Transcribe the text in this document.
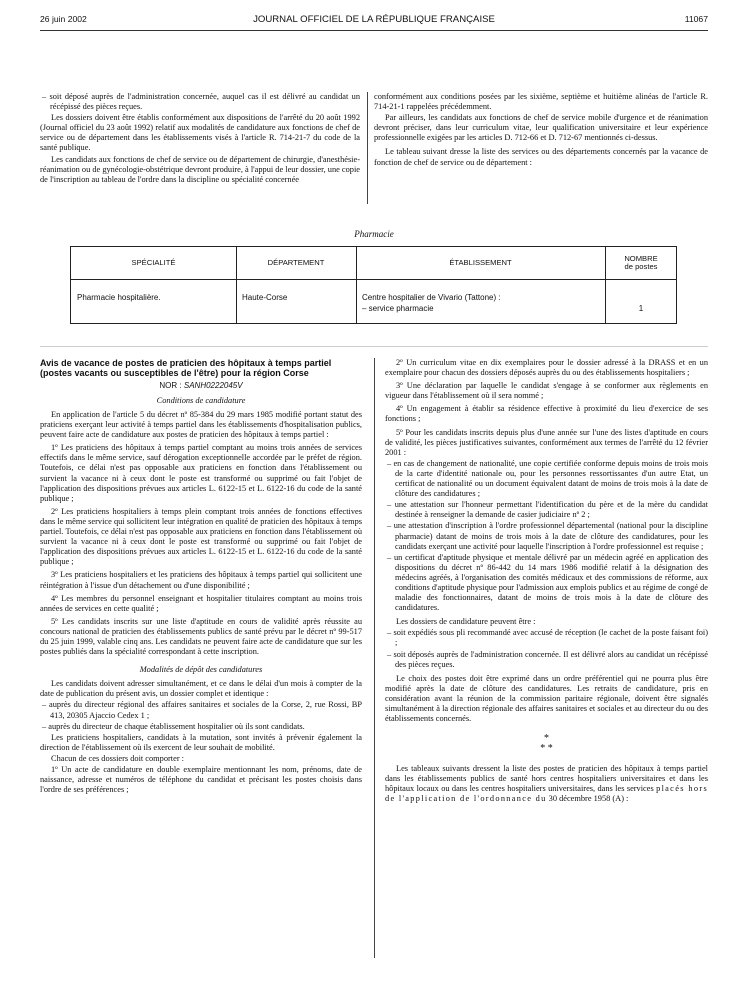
26 juin 2002	JOURNAL OFFICIEL DE LA RÉPUBLIQUE FRANÇAISE	11067

– soit déposé auprès de l'administration concernée, auquel cas il est délivré au candidat un récépissé des pièces reçues.

Les dossiers doivent être établis conformément aux dispositions de l'arrêté du 20 août 1992 (Journal officiel du 23 août 1992) relatif aux modalités de candidature aux fonctions de chef de service ou de département dans les établissements visés à l'article R. 714-21-7 du code de la santé publique.

Les candidats aux fonctions de chef de service ou de département de chirurgie, d'anesthésie-réanimation ou de gynécologie-obstétrique devront produire, à l'appui de leur dossier, une copie de l'inscription au tableau de l'ordre dans la discipline ou spécialité concernée

conformément aux conditions posées par les sixième, septième et huitième alinéas de l'article R. 714-21-1 rappelées précédemment.

Par ailleurs, les candidats aux fonctions de chef de service mobile d'urgence et de réanimation devront préciser, dans leur curriculum vitae, leur qualification universitaire et leur expérience professionnelle exigées par les articles D. 712-66 et D. 712-67 mentionnés ci-dessus.

Le tableau suivant dresse la liste des services ou des départements concernés par la vacance de fonction de chef de service ou de département :

Pharmacie
SPÉCIALITÉ	DÉPARTEMENT	ÉTABLISSEMENT	NOMBRE
de postes
Pharmacie hospitalière.	Haute-Corse	Centre hospitalier de Vivario (Tattone) :
– service pharmacie	1

Avis de vacance de postes de praticien des hôpitaux à temps partiel (postes vacants ou susceptibles de l'être) pour la région Corse

NOR : SANH0222045V

Conditions de candidature

En application de l'article 5 du décret nº 85-384 du 29 mars 1985 modifié portant statut des praticiens exerçant leur activité à temps partiel dans les établissements d'hospitalisation publics, peuvent faire acte de candidature aux postes de praticien des hôpitaux à temps partiel :

1º Les praticiens des hôpitaux à temps partiel comptant au moins trois années de services effectifs dans le même service, sauf dérogation exceptionnelle accordée par le préfet de région. Toutefois, ce délai n'est pas opposable aux praticiens en fonction dans l'établissement ou survient la vacance ni à ceux dont le poste est transformé ou supprimé ou fait l'objet de l'application des dispositions prévues aux articles L. 6122-15 et L. 6122-16 du code de la santé publique ;

2º Les praticiens hospitaliers à temps plein comptant trois années de fonctions effectives dans le même service qui sollicitent leur intégration en qualité de praticien des hôpitaux à temps partiel. Toutefois, ce délai n'est pas opposable aux praticiens en fonction dans l'établissement où survient la vacance ni à ceux dont le poste est transformé ou supprimé ou fait l'objet de l'application des dispositions prévues aux articles L. 6122-15 et L. 6122-16 du code de la santé publique ;

3º Les praticiens hospitaliers et les praticiens des hôpitaux à temps partiel qui sollicitent une réintégration à l'issue d'un détachement ou d'une disponibilité ;

4º Les membres du personnel enseignant et hospitalier titulaires comptant au moins trois années de services en cette qualité ;

5º Les candidats inscrits sur une liste d'aptitude en cours de validité après réussite au concours national de praticien des établissements publics de santé prévu par le décret nº 99-517 du 25 juin 1999, valable cinq ans. Les candidats ne peuvent faire acte de candidature que sur les postes publiés dans la spécialité correspondant à cette inscription.

Modalités de dépôt des candidatures

Les candidats doivent adresser simultanément, et ce dans le délai d'un mois à compter de la date de publication du présent avis, un dossier complet et identique :

– auprès du directeur régional des affaires sanitaires et sociales de la Corse, 2, rue Rossi, BP 413, 20305 Ajaccio Cedex 1 ;

– auprès du directeur de chaque établissement hospitalier où ils sont candidats.

Les praticiens hospitaliers, candidats à la mutation, sont invités à prévenir également la direction de l'établissement où ils exercent de leur souhait de mobilité.

Chacun de ces dossiers doit comporter :

1º Un acte de candidature en double exemplaire mentionnant les nom, prénoms, date de naissance, adresse et numéros de téléphone du candidat et précisant les postes choisis dans l'ordre de ses préférences ;

2º Un curriculum vitae en dix exemplaires pour le dossier adressé à la DRASS et en un exemplaire pour chacun des dossiers déposés auprès du ou des établissements hospitaliers ;

3º Une déclaration par laquelle le candidat s'engage à se conformer aux règlements en vigueur dans l'établissement où il sera nommé ;

4º Un engagement à établir sa résidence effective à proximité du lieu d'exercice de ses fonctions ;

5º Pour les candidats inscrits depuis plus d'une année sur l'une des listes d'aptitude en cours de validité, les pièces justificatives suivantes, conformément aux termes de l'arrêté du 12 février 2001 :

– en cas de changement de nationalité, une copie certifiée conforme depuis moins de trois mois de la carte d'identité nationale ou, pour les personnes ressortissantes d'un autre Etat, un certificat de nationalité ou un document équivalent datant de moins de trois mois à la date de clôture des candidatures ;

– une attestation sur l'honneur permettant l'identification du père et de la mère du candidat destinée à renseigner la demande de casier judiciaire nº 2 ;

– une attestation d'inscription à l'ordre professionnel départemental (national pour la discipline pharmacie) datant de moins de trois mois à la date de clôture des candidatures, pour les candidats exerçant une activité pour laquelle l'inscription à l'ordre professionnel est requise ;

– un certificat d'aptitude physique et mentale délivré par un médecin agréé en application des dispositions du décret nº 86-442 du 14 mars 1986 modifié relatif à la désignation des médecins agréés, à l'organisation des comités médicaux et des commissions de réforme, aux conditions d'aptitude physique pour l'admission aux emplois publics et au régime de congé de maladie des fonctionnaires, datant de moins de trois mois à la date de clôture des candidatures.

Les dossiers de candidature peuvent être :

– soit expédiés sous pli recommandé avec accusé de réception (le cachet de la poste faisant foi) ;

– soit déposés auprès de l'administration concernée. Il est délivré alors au candidat un récépissé des pièces reçues.

Le choix des postes doit être exprimé dans un ordre préférentiel qui ne pourra plus être modifié après la date de clôture des candidatures. Les retraits de candidature, pris en considération avant la réunion de la commission paritaire régionale, doivent être signalés simultanément à la direction régionale des affaires sanitaires et sociales et au directeur du ou des établissements concernés.

*
* *

Les tableaux suivants dressent la liste des postes de praticien des hôpitaux à temps partiel dans les établissements publics de santé hors centres hospitaliers universitaires et dans les hôpitaux locaux ou dans les centres hospitaliers universitaires, dans les services placés hors de l'application de l'ordonnance du 30 décembre 1958 (A) :
